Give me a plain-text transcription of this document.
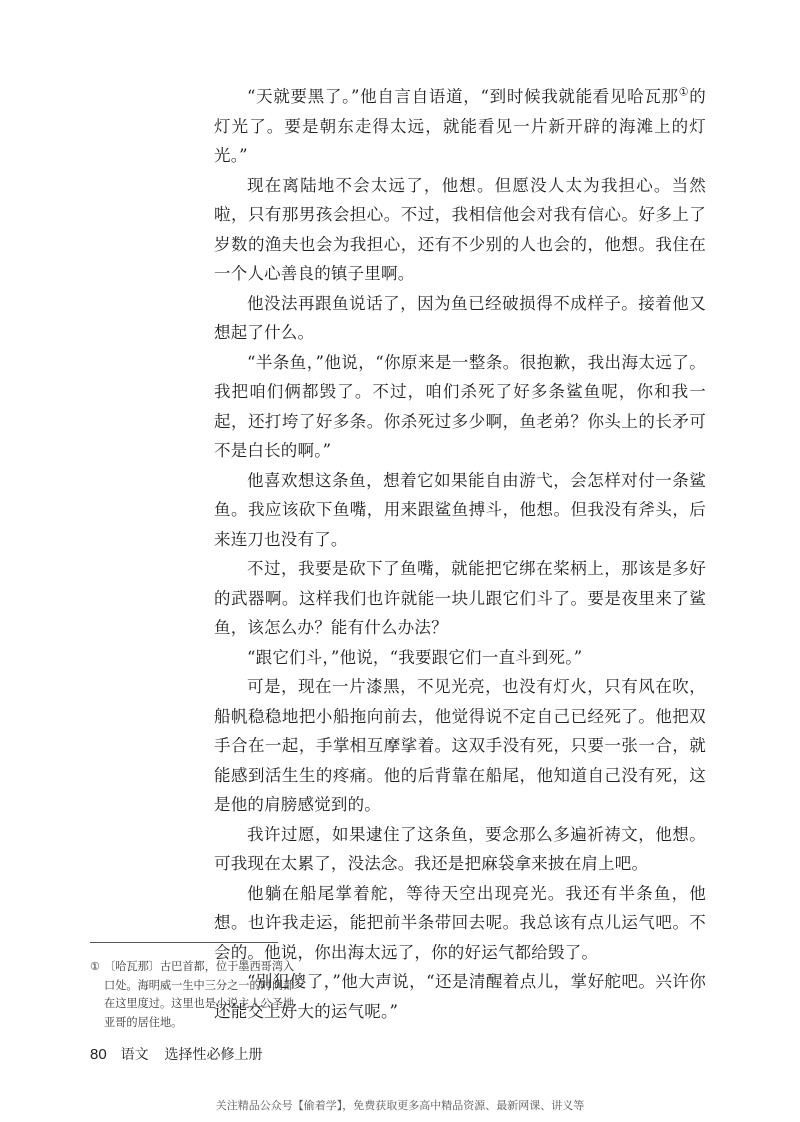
“天就要黑了。”他自言自语道，“到时候我就能看见哈瓦那①的灯光了。要是朝东走得太远，就能看见一片新开辟的海滩上的灯光。”

现在离陆地不会太远了，他想。但愿没人太为我担心。当然啦，只有那男孩会担心。不过，我相信他会对我有信心。好多上了岁数的渔夫也会为我担心，还有不少别的人也会的，他想。我住在一个人心善良的镇子里啊。

他没法再跟鱼说话了，因为鱼已经破损得不成样子。接着他又想起了什么。

“半条鱼，”他说，“你原来是一整条。很抱歉，我出海太远了。我把咱们俩都毁了。不过，咱们杀死了好多条鲨鱼呢，你和我一起，还打垮了好多条。你杀死过多少啊，鱼老弟？你头上的长矛可不是白长的啊。”

他喜欢想这条鱼，想着它如果能自由游弋，会怎样对付一条鲨鱼。我应该砍下鱼嘴，用来跟鲨鱼搏斗，他想。但我没有斧头，后来连刀也没有了。

不过，我要是砍下了鱼嘴，就能把它绑在桨柄上，那该是多好的武器啊。这样我们也许就能一块儿跟它们斗了。要是夜里来了鲨鱼，该怎么办？能有什么办法？

“跟它们斗，”他说，“我要跟它们一直斗到死。”

可是，现在一片漆黑，不见光亮，也没有灯火，只有风在吹，船帆稳稳地把小船拖向前去，他觉得说不定自己已经死了。他把双手合在一起，手掌相互摩挲着。这双手没有死，只要一张一合，就能感到活生生的疼痛。他的后背靠在船尾，他知道自己没有死，这是他的肩膀感觉到的。

我许过愿，如果逮住了这条鱼，要念那么多遍祈祷文，他想。可我现在太累了，没法念。我还是把麻袋拿来披在肩上吧。

他躺在船尾掌着舵，等待天空出现亮光。我还有半条鱼，他想。也许我走运，能把前半条带回去呢。我总该有点儿运气吧。不会的。他说，你出海太远了，你的好运气都给毁了。

“别犯傻了，”他大声说，“还是清醒着点儿，掌好舵吧。兴许你还能交上好大的运气呢。”

① 〔哈瓦那〕古巴首都，位于墨西哥湾入口处。海明威一生中三分之一的时间都在这里度过。这里也是小说主人公圣地亚哥的居住地。
80 语文 选择性必修上册
关注精品公众号【偷着学】，免费获取更多高中精品资源、最新网课、讲义等
